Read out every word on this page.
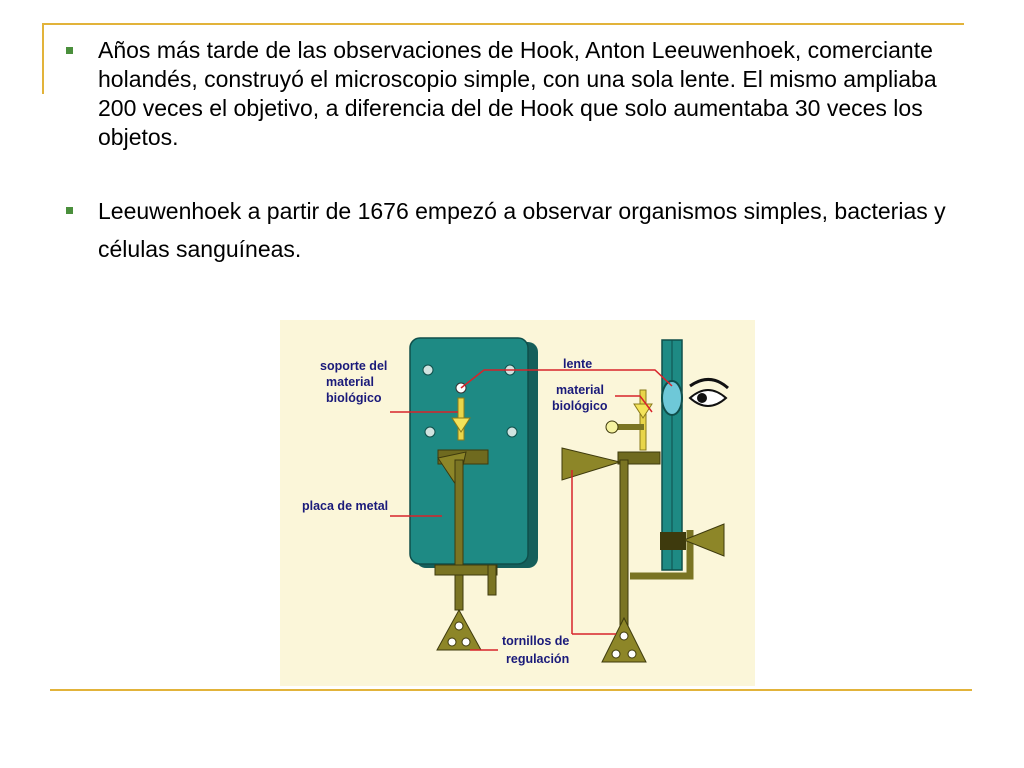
Años más tarde de las observaciones de Hook, Anton Leeuwenhoek, comerciante holandés, construyó el microscopio simple, con una sola lente. El mismo ampliaba 200 veces el objetivo, a diferencia del de Hook que solo aumentaba 30 veces los objetos.
Leeuwenhoek a partir de 1676 empezó a observar organismos simples, bacterias y células sanguíneas.
soporte del
material
biológico
lente
material
biológico
placa de metal
tornillos de
regulación
